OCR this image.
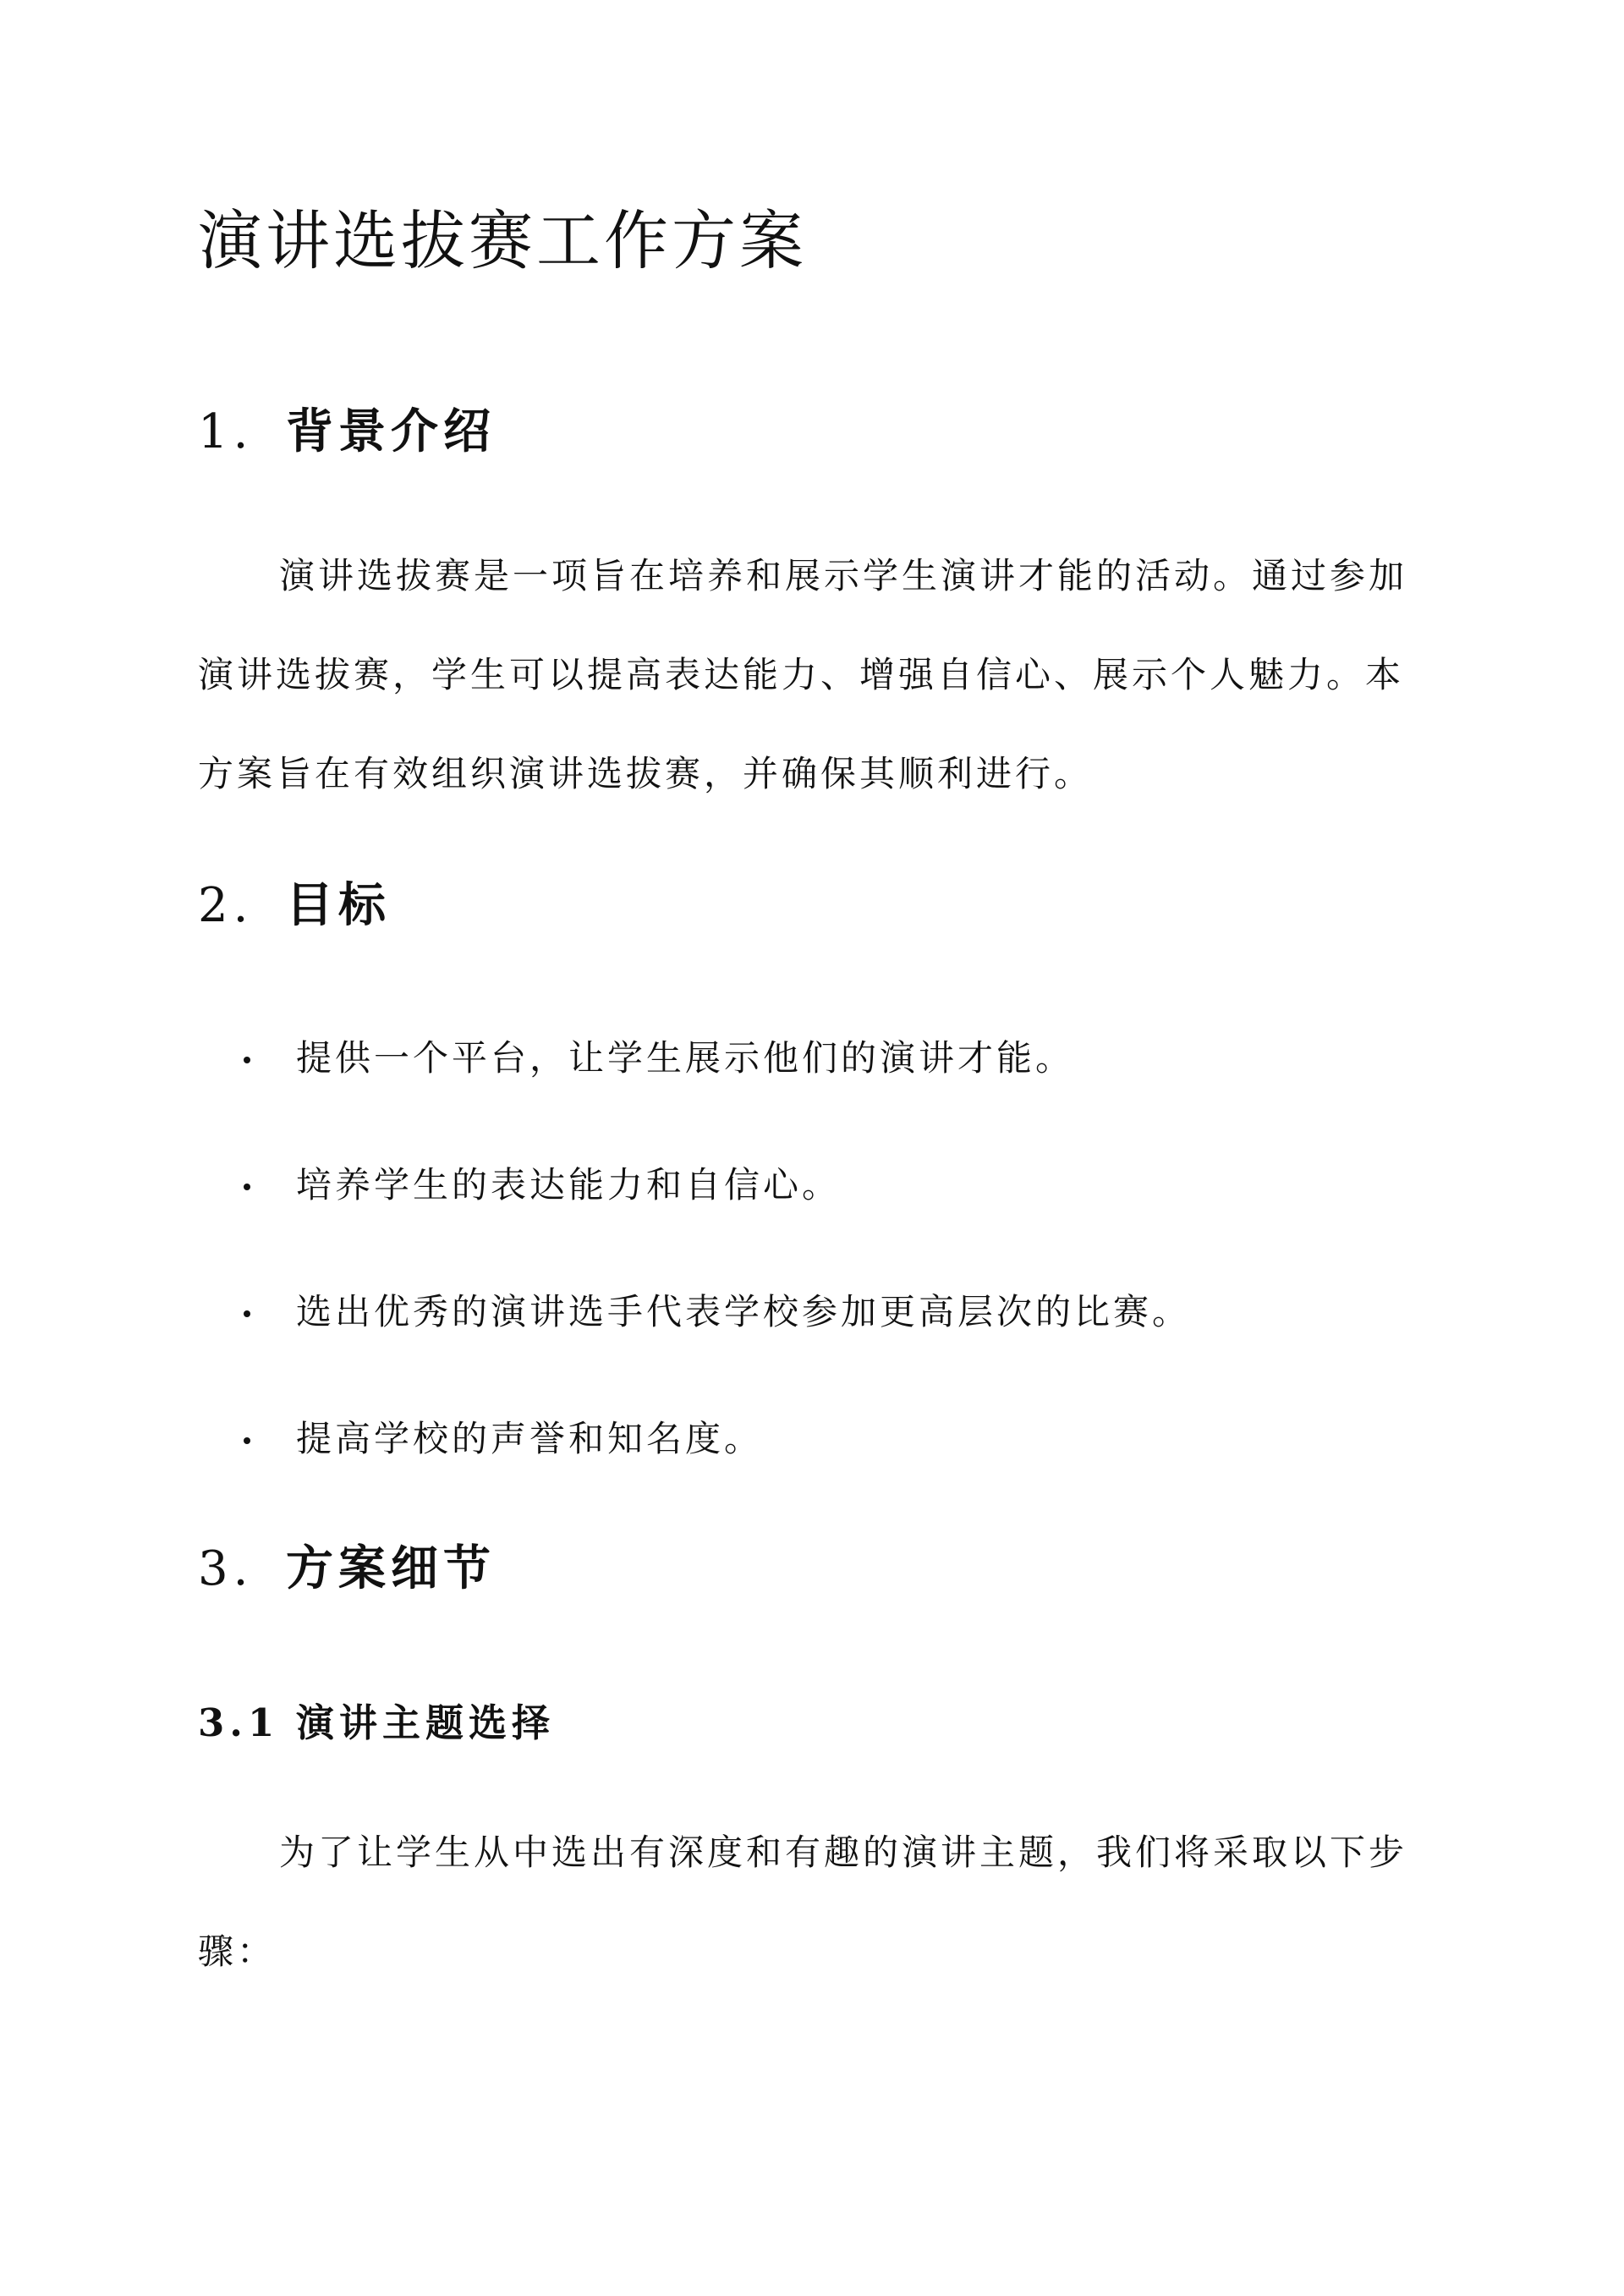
演讲选拔赛工作方案
1. 背景介绍

演讲选拔赛是一项旨在培养和展示学生演讲才能的活动。通过参加演讲选拔赛，学生可以提高表达能力、增强自信心、展示个人魅力。本方案旨在有效组织演讲选拔赛，并确保其顺利进行。

2. 目标
提供一个平台，让学生展示他们的演讲才能。
培养学生的表达能力和自信心。
选出优秀的演讲选手代表学校参加更高层次的比赛。
提高学校的声誉和知名度。
3. 方案细节
3.1 演讲主题选择

为了让学生从中选出有深度和有趣的演讲主题，我们将采取以下步骤：
